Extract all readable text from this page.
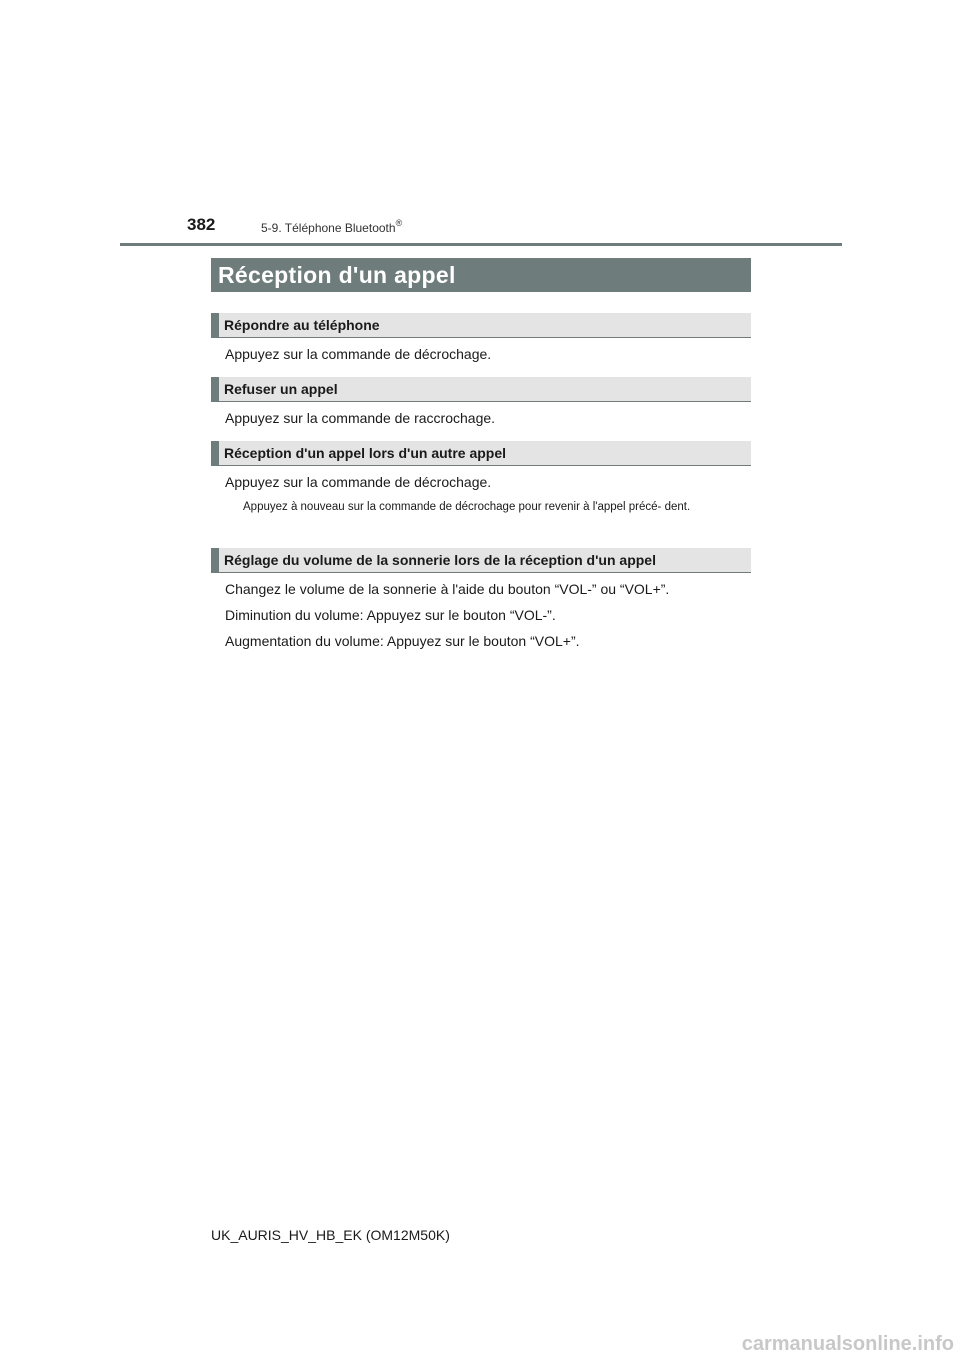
382	5-9. Téléphone Bluetooth®
Réception d'un appel
Répondre au téléphone
Appuyez sur la commande de décrochage.
Refuser un appel
Appuyez sur la commande de raccrochage.
Réception d'un appel lors d'un autre appel
Appuyez sur la commande de décrochage.
Appuyez à nouveau sur la commande de décrochage pour revenir à l'appel précé- dent.
Réglage du volume de la sonnerie lors de la réception d'un appel
Changez le volume de la sonnerie à l'aide du bouton “VOL-” ou “VOL+”.
Diminution du volume: Appuyez sur le bouton “VOL-”.
Augmentation du volume: Appuyez sur le bouton “VOL+”.
UK_AURIS_HV_HB_EK (OM12M50K)
carmanualsonline.info
